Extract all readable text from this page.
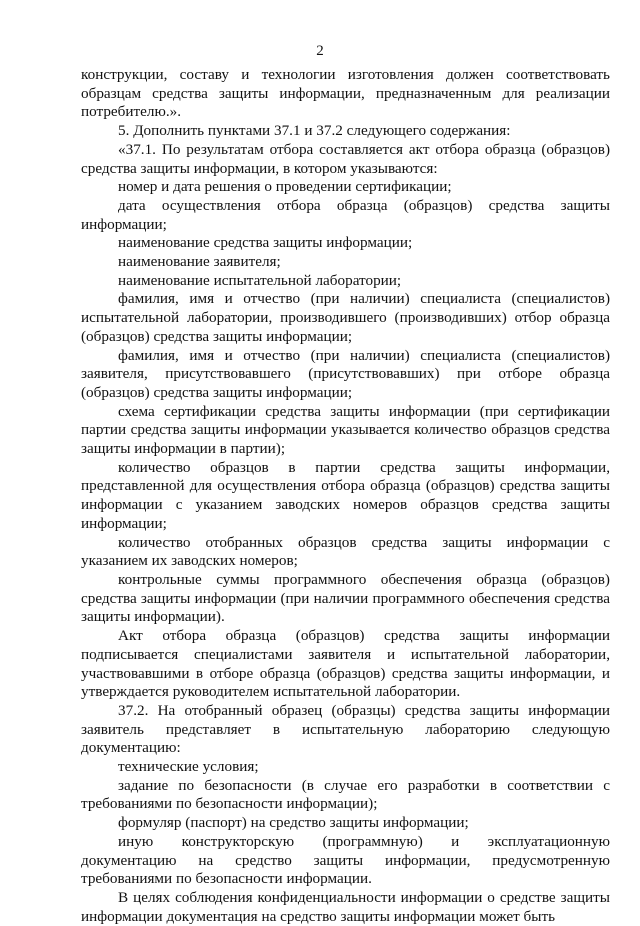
2

конструкции, составу и технологии изготовления должен соответствовать образцам средства защиты информации, предназначенным для реализации потребителю.».

5. Дополнить пунктами 37.1 и 37.2 следующего содержания:

«37.1. По результатам отбора составляется акт отбора образца (образцов) средства защиты информации, в котором указываются:

номер и дата решения о проведении сертификации;

дата осуществления отбора образца (образцов) средства защиты информации;

наименование средства защиты информации;

наименование заявителя;

наименование испытательной лаборатории;

фамилия, имя и отчество (при наличии) специалиста (специалистов) испытательной лаборатории, производившего (производивших) отбор образца (образцов) средства защиты информации;

фамилия, имя и отчество (при наличии) специалиста (специалистов) заявителя, присутствовавшего (присутствовавших) при отборе образца (образцов) средства защиты информации;

схема сертификации средства защиты информации (при сертификации партии средства защиты информации указывается количество образцов средства защиты информации в партии);

количество образцов в партии средства защиты информации, представленной для осуществления отбора образца (образцов) средства защиты информации с указанием заводских номеров образцов средства защиты информации;

количество отобранных образцов средства защиты информации с указанием их заводских номеров;

контрольные суммы программного обеспечения образца (образцов) средства защиты информации (при наличии программного обеспечения средства защиты информации).

Акт отбора образца (образцов) средства защиты информации подписывается специалистами заявителя и испытательной лаборатории, участвовавшими в отборе образца (образцов) средства защиты информации, и утверждается руководителем испытательной лаборатории.

37.2. На отобранный образец (образцы) средства защиты информации заявитель представляет в испытательную лабораторию следующую документацию:

технические условия;

задание по безопасности (в случае его разработки в соответствии с требованиями по безопасности информации);

формуляр (паспорт) на средство защиты информации;

иную конструкторскую (программную) и эксплуатационную документацию на средство защиты информации, предусмотренную требованиями по безопасности информации.

В целях соблюдения конфиденциальности информации о средстве защиты информации документация на средство защиты информации может быть
